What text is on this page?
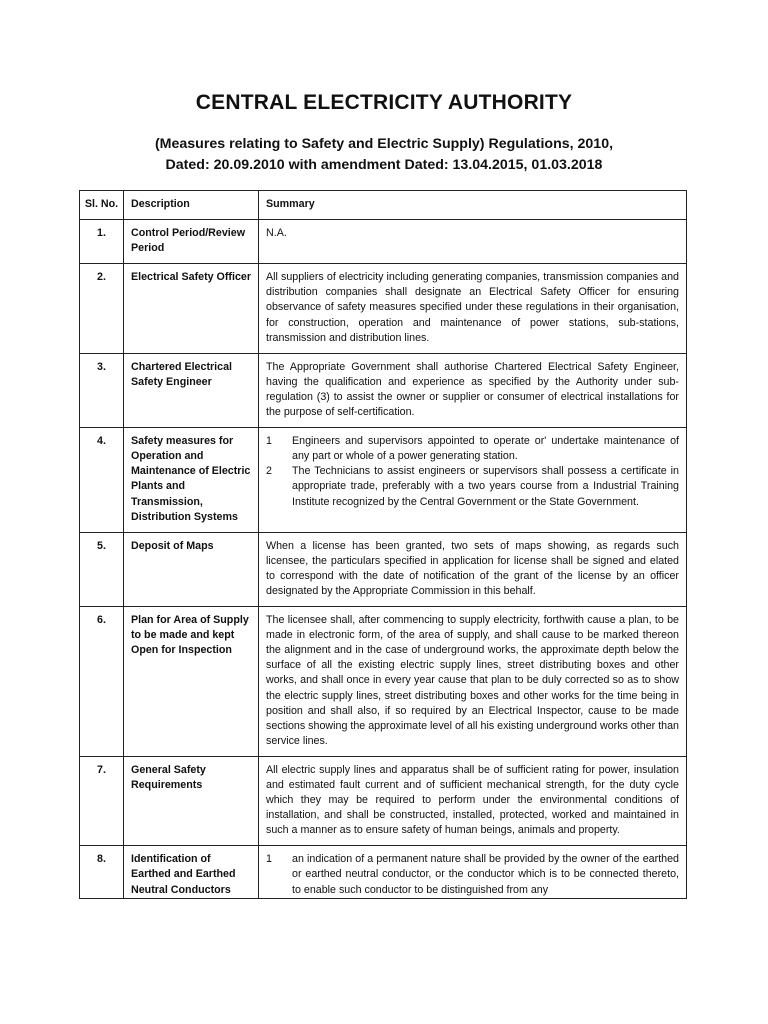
CENTRAL ELECTRICITY AUTHORITY
(Measures relating to Safety and Electric Supply) Regulations, 2010,
Dated: 20.09.2010 with amendment Dated: 13.04.2015, 01.03.2018
Sl. No.	Description	Summary
1.	Control Period/Review Period	N.A.
2.	Electrical Safety Officer	All suppliers of electricity including generating companies, transmission companies and distribution companies shall designate an Electrical Safety Officer for ensuring observance of safety measures specified under these regulations in their organisation, for construction, operation and maintenance of power stations, sub-stations, transmission and distribution lines.
3.	Chartered Electrical Safety Engineer	The Appropriate Government shall authorise Chartered Electrical Safety Engineer, having the qualification and experience as specified by the Authority under sub-regulation (3) to assist the owner or supplier or consumer of electrical installations for the purpose of self-certification.
4.	Safety measures for Operation and Maintenance of Electric Plants and Transmission, Distribution Systems	1 Engineers and supervisors appointed to operate or' undertake maintenance of any part or whole of a power generating station.
2 The Technicians to assist engineers or supervisors shall possess a certificate in appropriate trade, preferably with a two years course from a Industrial Training Institute recognized by the Central Government or the State Government.

5.	Deposit of Maps	When a license has been granted, two sets of maps showing, as regards such licensee, the particulars specified in application for license shall be signed and elated to correspond with the date of notification of the grant of the license by an officer designated by the Appropriate Commission in this behalf.
6.	Plan for Area of Supply to be made and kept Open for Inspection	The licensee shall, after commencing to supply electricity, forthwith cause a plan, to be made in electronic form, of the area of supply, and shall cause to be marked thereon the alignment and in the case of underground works, the approximate depth below the surface of all the existing electric supply lines, street distributing boxes and other works, and shall once in every year cause that plan to be duly corrected so as to show the electric supply lines, street distributing boxes and other works for the time being in position and shall also, if so required by an Electrical Inspector, cause to be made sections showing the approximate level of all his existing underground works other than service lines.
7.	General Safety Requirements	All electric supply lines and apparatus shall be of sufficient rating for power, insulation and estimated fault current and of sufficient mechanical strength, for the duty cycle which they may be required to perform under the environmental conditions of installation, and shall be constructed, installed, protected, worked and maintained in such a manner as to ensure safety of human beings, animals and property.
8.	Identification of Earthed and Earthed Neutral Conductors	1 an indication of a permanent nature shall be provided by the owner of the earthed or earthed neutral conductor, or the conductor which is to be connected thereto, to enable such conductor to be distinguished from any
